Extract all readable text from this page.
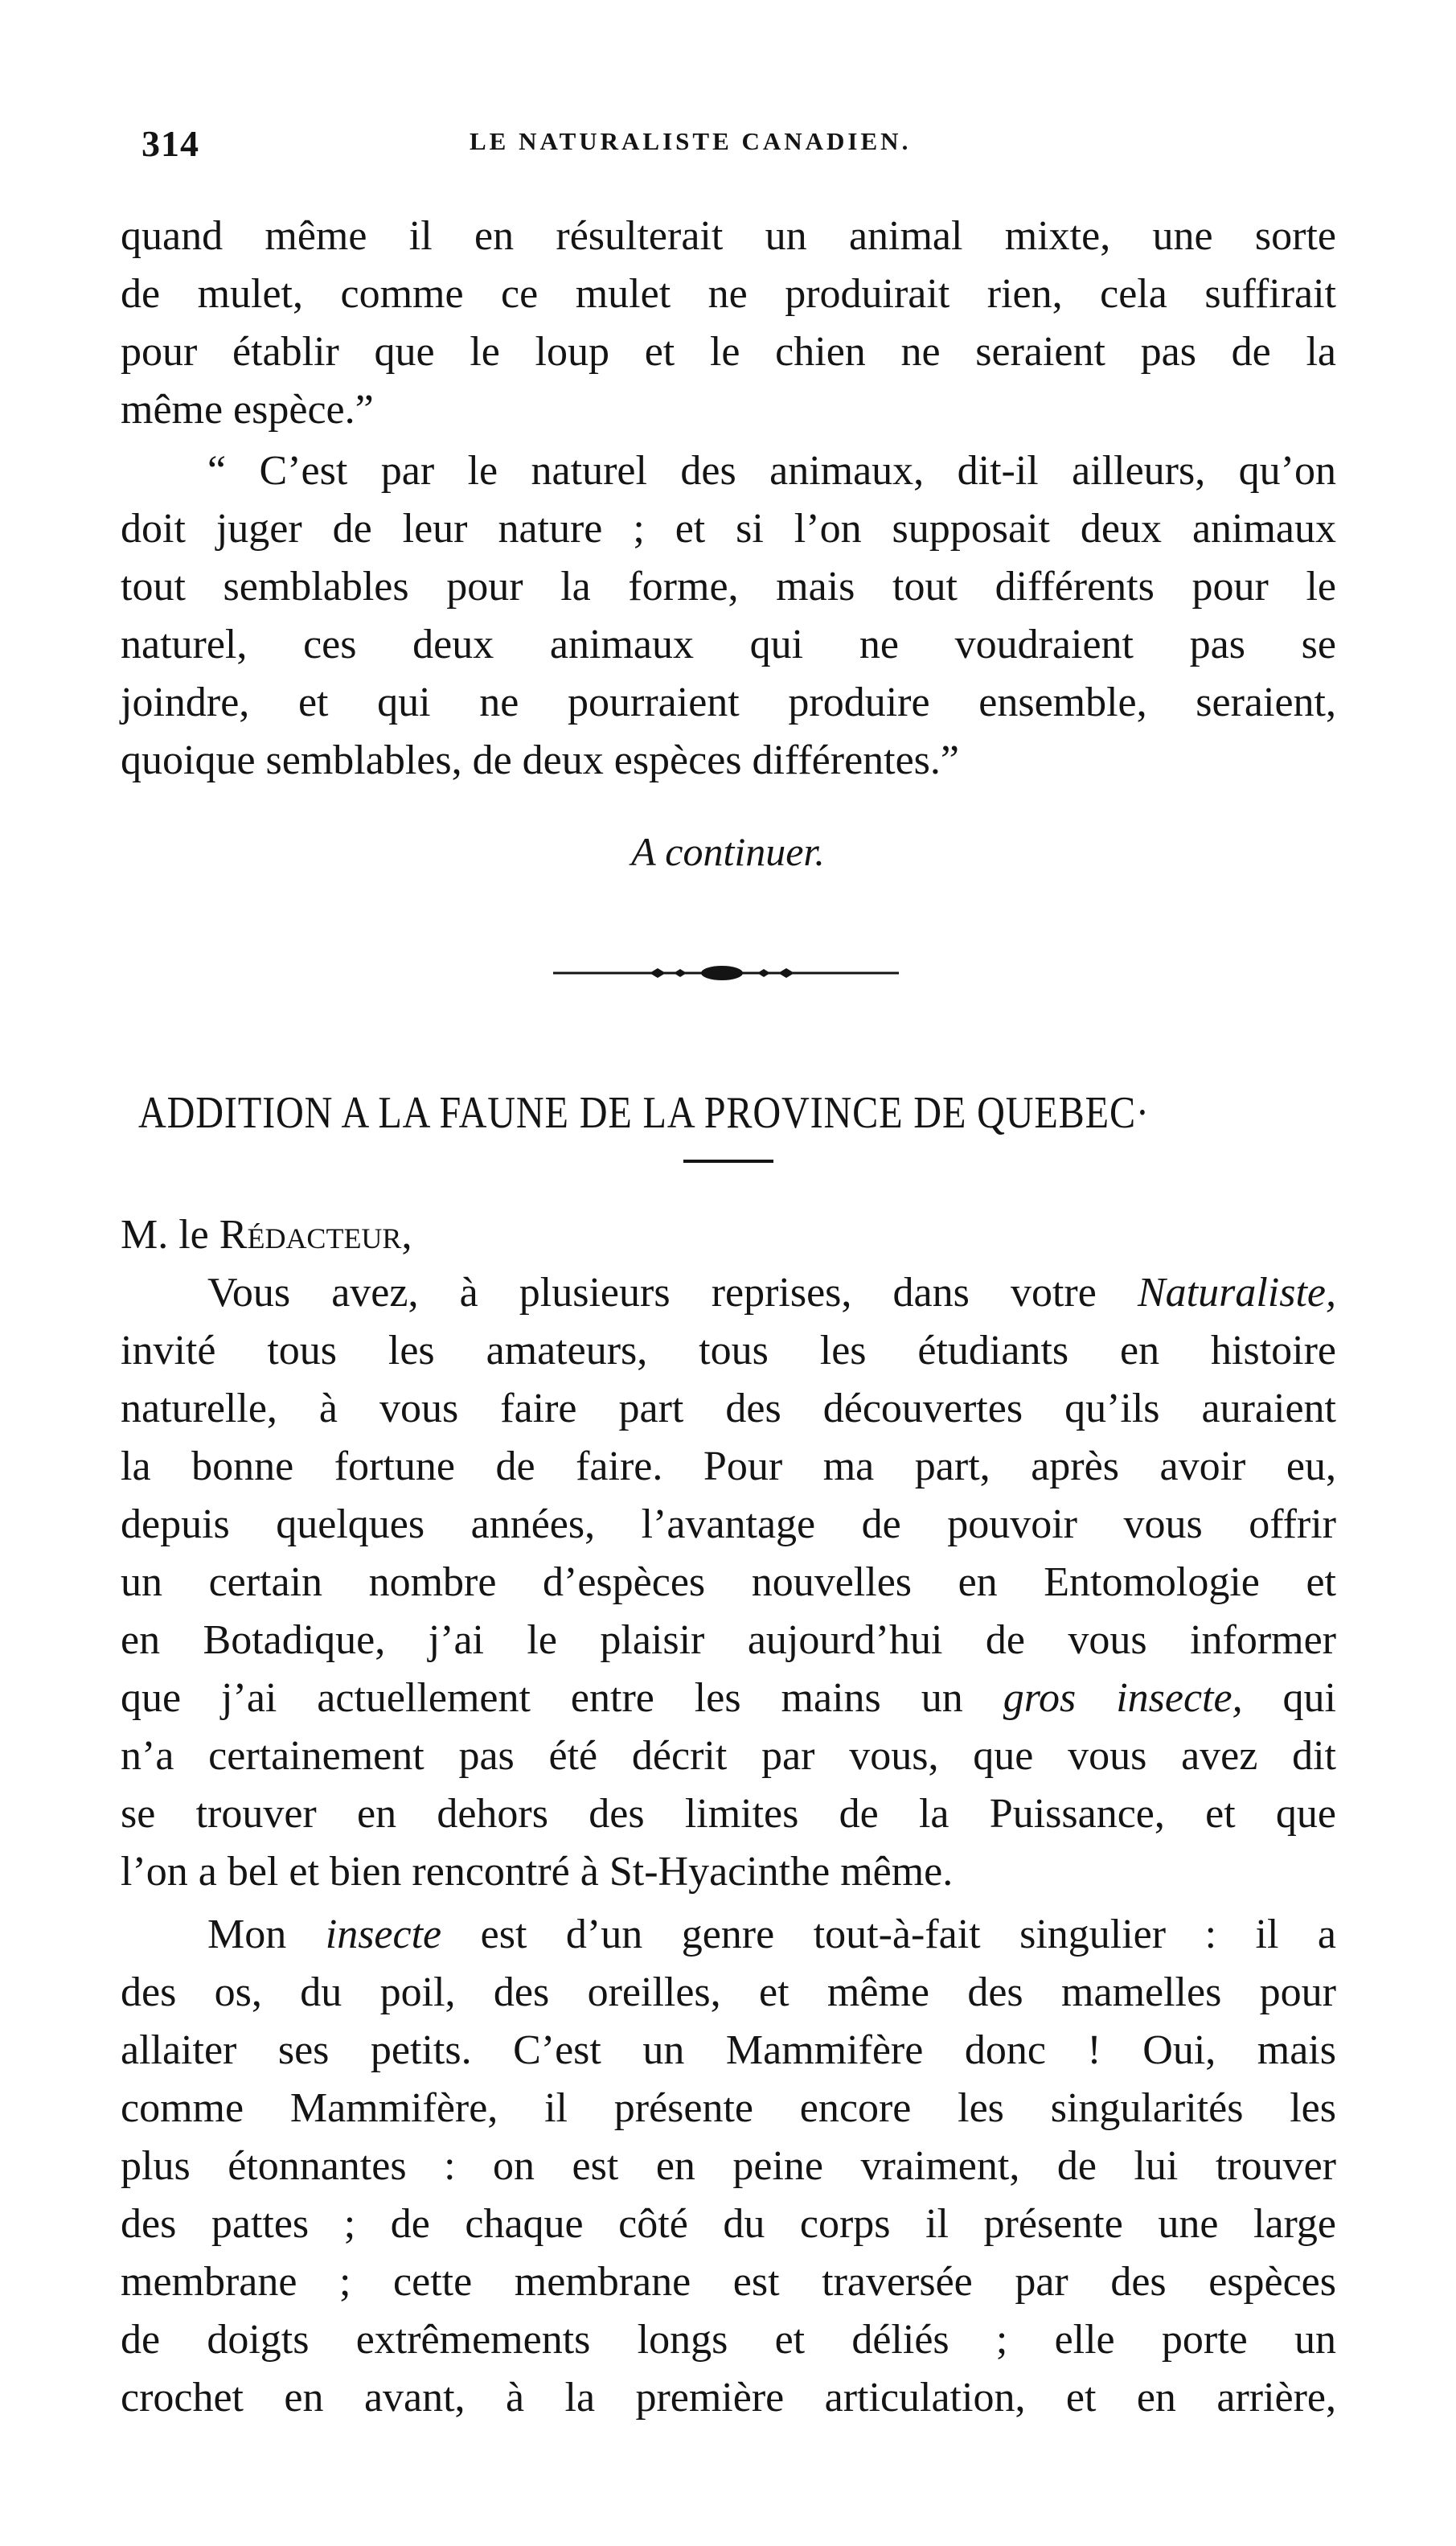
314	LE NATURALISTE CANADIEN.
quand même il en résulterait un animal mixte, une sorte
de mulet, comme ce mulet ne produirait rien, cela suffirait
pour établir que le loup et le chien ne seraient pas de la
même espèce.”
“ C’est par le naturel des animaux, dit-il ailleurs, qu’on
doit juger de leur nature ; et si l’on supposait deux animaux
tout semblables pour la forme, mais tout différents pour le
naturel, ces deux animaux qui ne voudraient pas se
joindre, et qui ne pourraient produire ensemble, seraient,
quoique semblables, de deux espèces différentes.”
A continuer.
ADDITION A LA FAUNE DE LA PROVINCE DE QUEBEC·
M. le Rédacteur,
Vous avez, à plusieurs reprises, dans votre Naturaliste,
invité tous les amateurs, tous les étudiants en histoire
naturelle, à vous faire part des découvertes qu’ils auraient
la bonne fortune de faire. Pour ma part, après avoir eu,
depuis quelques années, l’avantage de pouvoir vous offrir
un certain nombre d’espèces nouvelles en Entomologie et
en Botadique, j’ai le plaisir aujourd’hui de vous informer
que j’ai actuellement entre les mains un gros insecte, qui
n’a certainement pas été décrit par vous, que vous avez dit
se trouver en dehors des limites de la Puissance, et que
l’on a bel et bien rencontré à St-Hyacinthe même.
Mon insecte est d’un genre tout-à-fait singulier : il a
des os, du poil, des oreilles, et même des mamelles pour
allaiter ses petits. C’est un Mammifère donc ! Oui, mais
comme Mammifère, il présente encore les singularités les
plus étonnantes : on est en peine vraiment, de lui trouver
des pattes ; de chaque côté du corps il présente une large
membrane ; cette membrane est traversée par des espèces
de doigts extrêmements longs et déliés ; elle porte un
crochet en avant, à la première articulation, et en arrière,
